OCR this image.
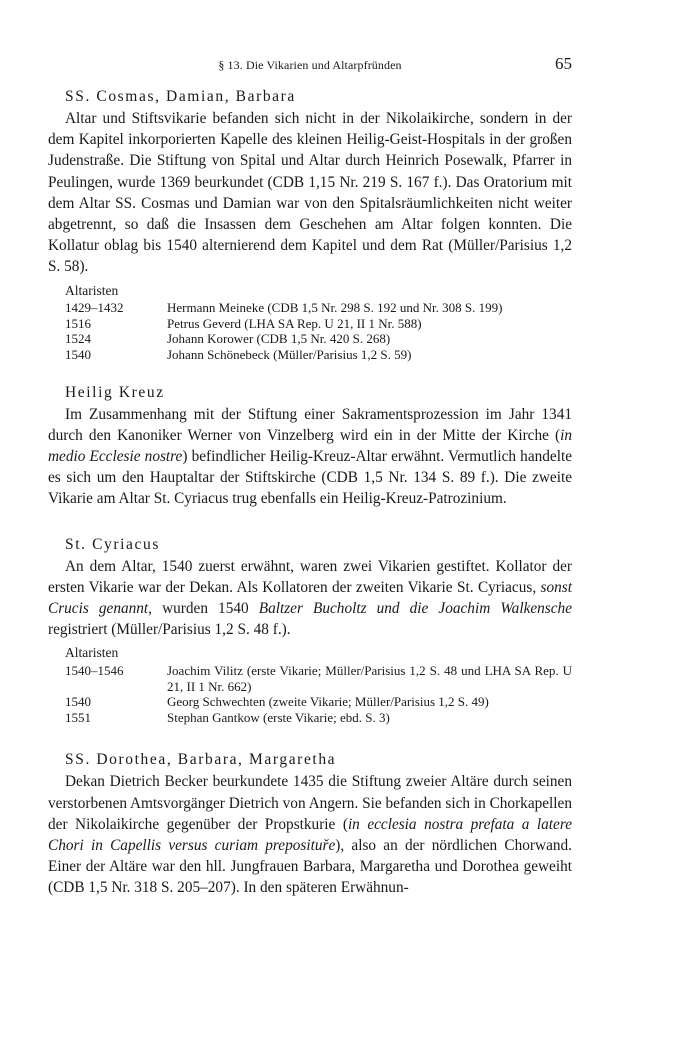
§ 13. Die Vikarien und Altarpfründen	65
SS. Cosmas, Damian, Barbara

Altar und Stiftsvikarie befanden sich nicht in der Nikolaikirche, sondern in der dem Kapitel inkorporierten Kapelle des kleinen Heilig-Geist-Hospitals in der großen Judenstraße. Die Stiftung von Spital und Altar durch Heinrich Posewalk, Pfarrer in Peulingen, wurde 1369 beurkundet (CDB 1,15 Nr. 219 S. 167 f.). Das Oratorium mit dem Altar SS. Cosmas und Damian war von den Spitalsräumlichkeiten nicht weiter abgetrennt, so daß die Insassen dem Geschehen am Altar folgen konnten. Die Kollatur oblag bis 1540 alternierend dem Kapitel und dem Rat (Müller/Parisius 1,2 S. 58).

Altaristen
1429–1432	Hermann Meineke (CDB 1,5 Nr. 298 S. 192 und Nr. 308 S. 199)
1516	Petrus Geverd (LHA SA Rep. U 21, II 1 Nr. 588)
1524	Johann Korower (CDB 1,5 Nr. 420 S. 268)
1540	Johann Schönebeck (Müller/Parisius 1,2 S. 59)
Heilig Kreuz

Im Zusammenhang mit der Stiftung einer Sakramentsprozession im Jahr 1341 durch den Kanoniker Werner von Vinzelberg wird ein in der Mitte der Kirche (in medio Ecclesie nostre) befindlicher Heilig-Kreuz-Altar erwähnt. Vermutlich handelte es sich um den Hauptaltar der Stiftskirche (CDB 1,5 Nr. 134 S. 89 f.). Die zweite Vikarie am Altar St. Cyriacus trug ebenfalls ein Heilig-Kreuz-Patrozinium.

St. Cyriacus

An dem Altar, 1540 zuerst erwähnt, waren zwei Vikarien gestiftet. Kollator der ersten Vikarie war der Dekan. Als Kollatoren der zweiten Vikarie St. Cyriacus, sonst Crucis genannt, wurden 1540 Baltzer Bucholtz und die Joachim Walkensche registriert (Müller/Parisius 1,2 S. 48 f.).

Altaristen
1540–1546	Joachim Vilitz (erste Vikarie; Müller/Parisius 1,2 S. 48 und LHA SA Rep. U 21, II 1 Nr. 662)
1540	Georg Schwechten (zweite Vikarie; Müller/Parisius 1,2 S. 49)
1551	Stephan Gantkow (erste Vikarie; ebd. S. 3)
SS. Dorothea, Barbara, Margaretha

Dekan Dietrich Becker beurkundete 1435 die Stiftung zweier Altäre durch seinen verstorbenen Amtsvorgänger Dietrich von Angern. Sie befanden sich in Chorkapellen der Nikolaikirche gegenüber der Propstkurie (in ecclesia nostra prefata a latere Chori in Capellis versus curiam preposituře), also an der nördlichen Chorwand. Einer der Altäre war den hll. Jungfrauen Barbara, Margaretha und Dorothea geweiht (CDB 1,5 Nr. 318 S. 205–207). In den späteren Erwähnun-
